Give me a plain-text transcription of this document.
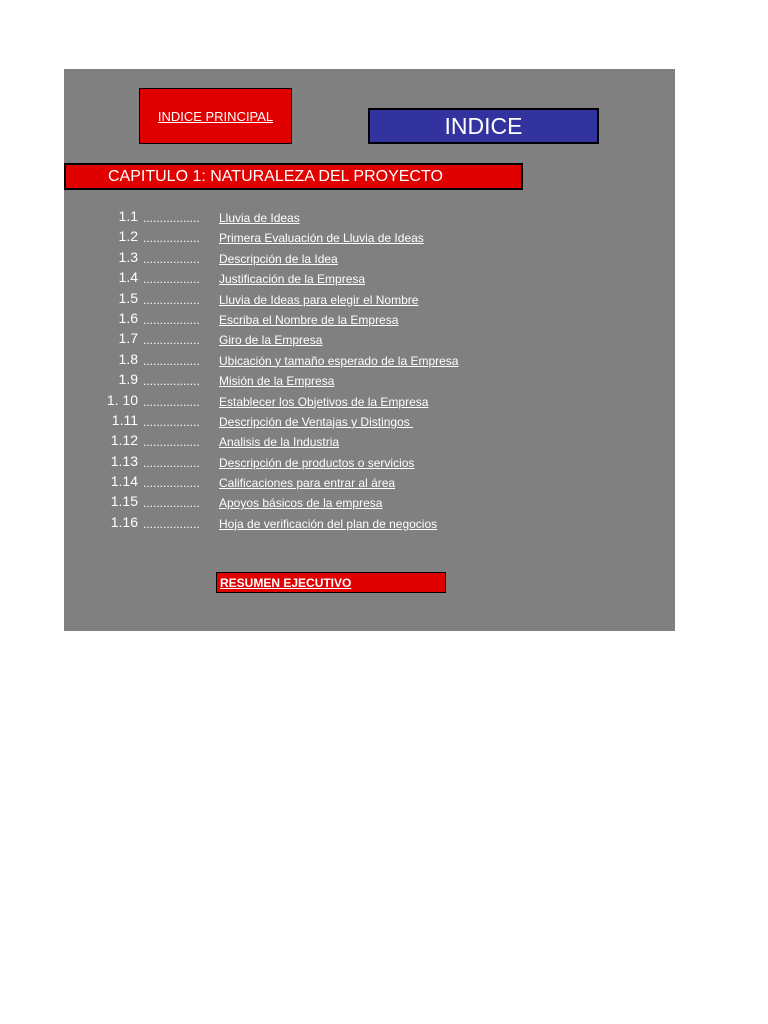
INDICE PRINCIPAL	INDICE
CAPITULO 1: NATURALEZA DEL PROYECTO
1.1 ................. Lluvia de Ideas
1.2 ................. Primera Evaluación de Lluvia de Ideas
1.3 ................. Descripción de la Idea
1.4 ................. Justificación de la Empresa
1.5 ................. Lluvia de Ideas para elegir el Nombre
1.6 ................. Escriba el Nombre de la Empresa
1.7 ................. Giro de la Empresa
1.8 ................. Ubicación y tamaño esperado de la Empresa
1.9 ................. Misión de la Empresa
1. 10 ................. Establecer los Objetivos de la Empresa
1.11 ................. Descripción de Ventajas y Distingos
1.12 ................. Analisis de la Industria
1.13 ................. Descripción de productos o servicios
1.14 ................. Calificaciones para entrar al área
1.15 ................. Apoyos básicos de la empresa
1.16 ................. Hoja de verificación del plan de negocios
RESUMEN EJECUTIVO
